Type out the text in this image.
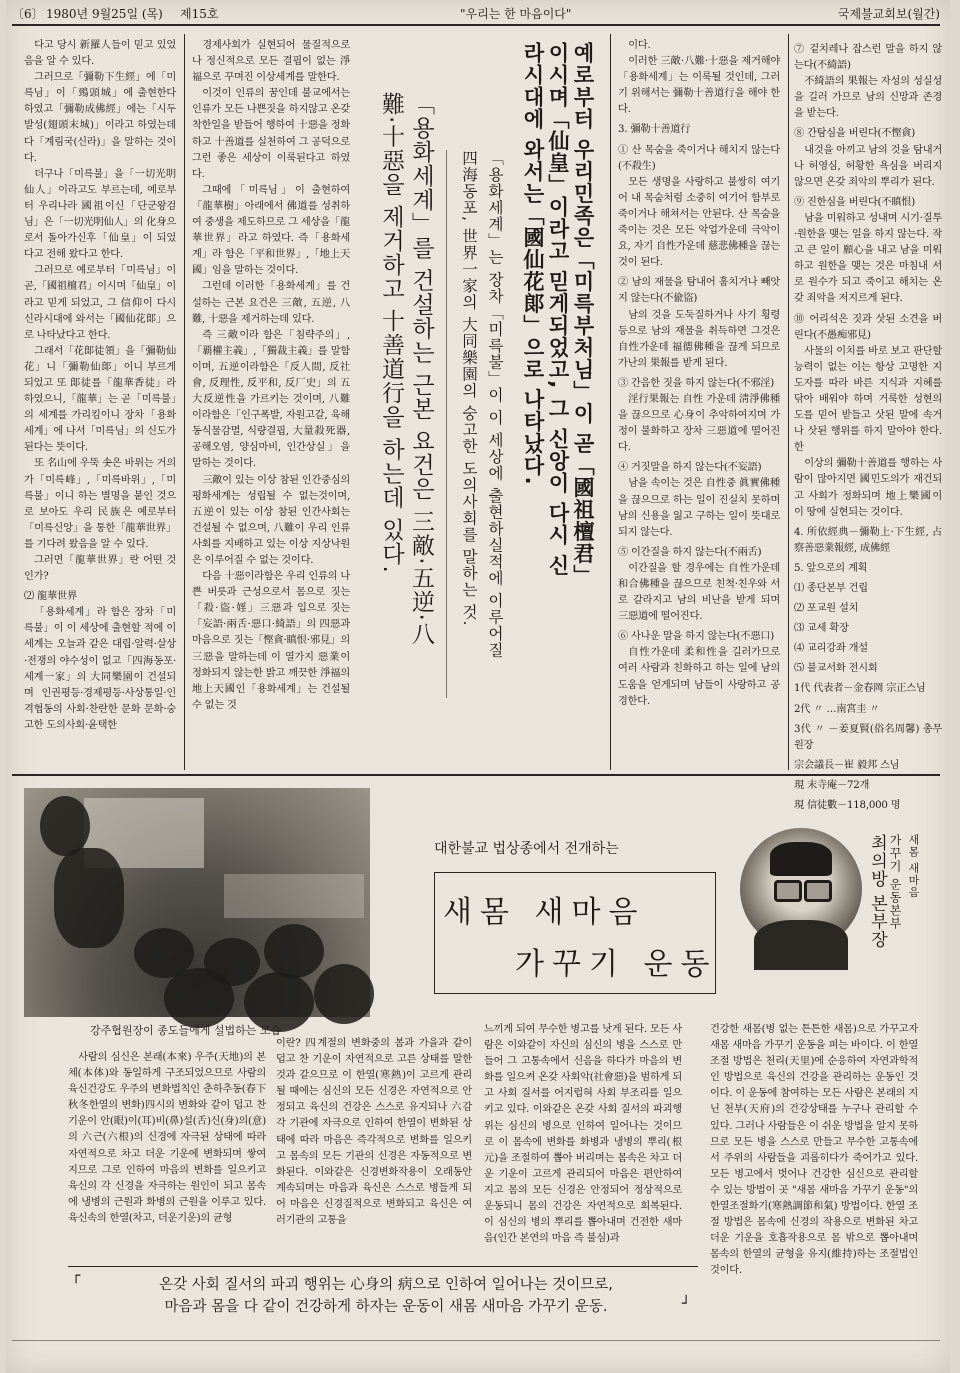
〔6〕 1980년 9월25일 (목) 제15호	"우리는 한 마음이다"	국제불교회보(월간)

다고 당시 新羅人들이 믿고 있었음을 알 수 있다.

그러므로「彌勒下生經」에「미륵님」이「鵄頭城」에 출현한다 하였고「彌勒成佛經」에는「시두발성(翅頭末城)」이라고 하였는데 다「계림국(신라)」을 말하는 것이다.

더구나「미륵불」을「一切光明仙人」이라고도 부르는데, 예로부터 우리나라 國祖이신「단군왕검님」은「一切光明仙人」의 化身으로서 돌아가신후「仙皇」이 되었다고 전해 왔다고 한다.

그러므로 예로부터「미륵님」이 곧,「國祖檀君」이시며「仙皇」이라고 믿게 되었고, 그 信仰이 다시 신라시대에 와서는「國仙花郞」으로 나타났다고 한다.

그래서「花郞徒領」을「彌勒仙花」니「彌勒仙郞」이니 부르게 되었고 또 郞徒를「龍華香徒」라 하였으니,「龍華」는 곧「미륵불」의 세계를 가리킴이니 장차「용화세계」에 나서「미륵님」의 신도가 된다는 뜻이다.

또 名山에 우뚝 솟은 바위는 거의가「미륵峰」,「미륵바위」,「미륵불」이니 하는 별명을 붙인 것으로 보아도 우리 民族은 예로부터「미륵신앙」을 통한「龍華世界」를 기다려 왔음을 알 수 있다.

그러면「龍華世界」란 어떤 것인가?

⑵ 龍華世界

「용화세계」라 함은 장차「미륵불」이 이 세상에 출현할 적에 이 세계는 오늘과 같은 대립·알력·살상·전쟁의 야수성이 없고「四海동포·세계一家」의 大同樂園이 건설되며 인권평등·경제평등·사상통일·인격협동의 사회·찬란한 문화 문화·숭고한 도의사회·윤택한

경제사회가 실현되어 물질적으로나 정신적으로 모든 결핍이 없는 淨福으로 꾸며진 이상세계를 말한다.

이것이 인류의 꿈인데 불교에서는 인류가 모든 나쁜짓을 하지않고 온갖 착한일을 받들어 행하여 十惡을 정화하고 十善道를 실천하여 그 공덕으로 그런 좋은 세상이 이룩된다고 하였다.

그때에「미륵님」이 출현하여「龍華樹」아래에서 佛道를 성취하여 중생을 제도하므로 그 세상을「龍華世界」라고 하였다. 즉「용화세계」라 함은「平和世界」,「地上天國」임을 말하는 것이다.

그런데 이러한「용화세계」를 건설하는 근본 요건은 三敵, 五逆, 八難, 十惡을 제거하는데 있다.

즉 三敵이라 함은「침략주의」,「覇權主義」,「獨裁主義」를 말함이며, 五逆이라함은「反人間, 反社會, 反理性, 反平和, 反厂史」의 五大反逆性을 가르키는 것이며, 八難이라함은「인구폭발, 자원고갈, 육해동식물감멸, 식량결핍, 大量殺死器, 공해오염, 양심마비, 인간상실」을 말하는 것이다.

三敵이 있는 이상 참된 인간중심의 평화세계는 성립될 수 없는것이며, 五逆이 있는 이상 참된 인간사회는 건설될 수 없으며, 八難이 우리 인류사회를 지배하고 있는 이상 지상낙원은 이루어질 수 없는 것이다.

다음 十惡이라함은 우리 인류의 나쁜 버릇과 근성으로서 몸으로 짓는「殺·盜·婬」三惡과 입으로 짓는「妄語·兩舌·惡口·綺語」의 四惡과 마음으로 짓는「慳貪·瞋恨·邪見」의 三惡을 말하는데 이 열가지 惡業이 정화되지 않는한 밝고 깨끗한 淨福의 地上天國인「용화세계」는 건설될 수 없는 것

예로부터 우리민족은「미륵부처님」이 곧「國祖檀君」
이시며「仙皇」이라고 믿게되었고, 그 신앙이 다시 신
라시대에 와서는「國仙花郞」으로 나타났다.
「용화세계」는 장차「미륵불」이 이 세상에 출현하실적에 이루어질
四海동포, 世界一家의 大同樂園의 숭고한 도의사회를 말하는 것.
「용화세계」를 건설하는 근본 요건은 三敵·五逆·八
難·十惡을 제거하고 十善道行을 하는데 있다.

이다.

이러한 三敵·八難·十惡을 제거해야「용화세계」는 이룩될 것인데, 그러기 위해서는 彌勒十善道行을 해야 한다.

3. 彌勒十善道行

① 산 목숨을 죽이거나 해치지 않는다(不殺生)

모든 생명을 사랑하고 불쌍히 여기어 내 목숨처럼 소중히 여기어 함부로 죽이거나 해쳐서는 안된다. 산 목숨을 죽이는 것은 모든 악업가운데 극악이요, 자기 自性가운데 慈悲佛種을 끊는것이 된다.

② 남의 재물을 탐내어 훔치거나 빼앗지 않는다(不偸盜)

남의 것을 도둑질하거나 사기 횡령등으로 남의 재물을 취득하면 그것은 自性가운데 福德佛種을 끊게 되므로 가난의 果報를 받게 된다.

③ 간음한 짓을 하지 않는다(不邪淫)

淫行果報는 自性 가운데 淸淨佛種을 끊으므로 心身이 추악하여지며 가정이 불화하고 장차 三惡道에 떨어진다.

④ 거짓말을 하지 않는다(不妄語)

남을 속이는 것은 自性중 眞實佛種을 끊으므로 하는 일이 진실치 못하며 남의 신용을 잃고 구하는 일이 뜻대로 되지 않는다.

⑤ 이간질을 하지 않는다(不兩舌)

이간질을 할 경우에는 自性가운데 和合佛種을 끊으므로 친척·친우와 서로 갈라지고 남의 비난을 받게 되며 三惡道에 떨어진다.

⑥ 사나운 말을 하지 않는다(不惡口)

自性가운데 柔和性을 길러가므로 여러 사람과 친화하고 하는 일에 남의 도움을 얻게되며 남들이 사랑하고 공경한다.

⑦ 겉치레나 잡스런 말을 하지 않는다(不綺語)

不綺語의 果報는 자성의 성실성을 길러 가므로 남의 신망과 존경을 받는다.

⑧ 간탐심을 버린다(不慳貪)

내것을 아끼고 남의 것을 탐내거나 허영심, 허황한 욕심을 버리지 않으면 온갖 죄악의 뿌리가 된다.

⑨ 진한심을 버린다(不瞋恨)

남을 미워하고 성내며 시기·질투·원한을 맺는 일을 하지 않는다. 작고 큰 일이 願心을 내고 남을 미워하고 원한을 맺는 것은 마침내 서로 원수가 되고 죽이고 해치는 온갖 죄악을 저지르게 된다.

⑩ 어리석은 짓과 삿된 소견을 버린다(不愚痴邪見)

사물의 이치를 바로 보고 판단할 능력이 없는 이는 항상 고명한 지도자를 따라 바른 지식과 지혜를 닦아 배워야 하며 거룩한 성현의 도를 믿어 받들고 삿된 말에 속거나 삿된 행위를 하지 말아야 한다. 한

이상의 彌勒十善道를 행하는 사람이 많아지면 國민도의가 재건되고 사회가 정화되며 地上樂國이 이 땅에 실현되는 것이다.

4. 所依經典－彌勒上·下生經, 占察善惡業報經, 成佛經

5. 앞으로의 계획

⑴ 종단본부 건립

⑵ 포교원 설치

⑶ 교세 확장

⑷ 교리강좌 개설

⑸ 불교서화 전시회

1代 代表者－金春岡 宗正스님

2代 〃 …南宮圭 〃

3代 〃 －姜夏賢(俗名周馨) 총무원장

宗会議長－崔 毅邦 스님

現 末寺庵－72개

現 信徒數－118,000 명

강주협원장이 종도들에게 설법하는 모습
대한불교 법상종에서 전개하는
새몸 새마음
가꾸기 운동
새몸 새마음
가꾸기 운동본부
최의방 본부장

사람의 심신은 본래(本來) 우주(天地)의 본체(本体)와 동일하게 구조되었으므로 사람의 육신건강도 우주의 변화법칙인 춘하추동(春下秋冬한열의 변화)四시의 변화와 같이 덥고 찬 기운이 안(眼)이(耳)비(鼻)설(舌)신(身)의(意)의 六근(六根)의 신경에 자극된 상태에 따라 자연적으로 차고 더운 기운에 변화되며 쌓여지므로 그로 인하여 마음의 변화를 일으키고 육신의 각 신경을 자극하는 원인이 되고 몸속에 냉병의 근원과 화병의 근원을 이루고 있다. 육신속의 한열(차고, 더운기운)의 균형

이란? 四계절의 변화중의 봄과 가을과 같이 덥고 찬 기운이 자연적으로 고른 상태를 말한 것과 같으므로 이 한열(寒熱)이 고르게 관리될 때에는 심신의 모든 신경은 자연적으로 안정되고 육신의 건강은 스스로 유지되나 六감각 기관에 자극으로 인하여 한열이 변화된 상태에 따라 마음은 즉각적으로 변화를 일으키고 몸속의 모든 기관의 신경은 자동적으로 변화된다. 이와같은 신경변화작용이 오래동안 계속되며는 마음과 육신은 스스로 병들게 되어 마음은 신경질적으로 변화되고 육신은 여러기관의 고통을

느끼게 되여 무수한 병고를 낫게 된다. 모든 사람은 이와같이 자신의 심신의 병을 스스로 만들어 그 고통속에서 신음을 하다가 마음의 변화를 일으켜 온갖 사회악(社會惡)을 범하게 되고 사회 질서를 어지럽혀 사회 부조리를 일으키고 있다. 이와같은 온갖 사회 질서의 파괴행위는 심신의 병으로 인하여 일어나는 것이므로 이 몸속에 변화를 화병과 냉병의 뿌리(根元)을 조절하여 뽑아 버리며는 몸속은 차고 더운 기운이 고르게 관리되어 마음은 편안하여지고 몸의 모든 신경은 안정되어 정상적으로 운동되니 몸의 건강은 자연적으로 회복된다. 이 심신의 병의 뿌리를 뽑아내며 건전한 새마음(인간 본연의 마음 즉 불심)과

건강한 새몸(병 없는 튼튼한 새몸)으로 가꾸고자 새몸 새마음 가꾸기 운동을 펴는 바이다. 이 한열 조절 방법은 천리(天里)에 순응하여 자연과학적인 방법으로 육신의 건강을 관리하는 운동인 것이다. 이 운동에 참여하는 모든 사람은 본래의 지닌 천부(天府)의 건강상태를 누구나 관리할 수 있다. 그러나 사람들은 이 쉬운 방법을 알지 못하므로 모든 병을 스스로 만들고 무수한 고통속에서 주위의 사람들을 괴롭히다가 죽어가고 있다. 모든 병고에서 벗어나 건강한 심신으로 관리할 수 있는 방법이 곳 "새몸 새마음 가꾸기 운동"의 한열조절화기(寒熱調節和氣) 방법이다. 한열 조절 방법은 몸속에 신경의 작용으로 변화된 차고 더운 기운을 호흡작용으로 몸 밖으로 뽑아내며 몸속의 한열의 균형을 유지(維持)하는 조절법인 것이다.

┌
┘
온갖 사회 질서의 파괴 행위는 心身의 病으로 인하여 일어나는 것이므로,
마음과 몸을 다 같이 건강하게 하자는 운동이 새몸 새마음 가꾸기 운동.
